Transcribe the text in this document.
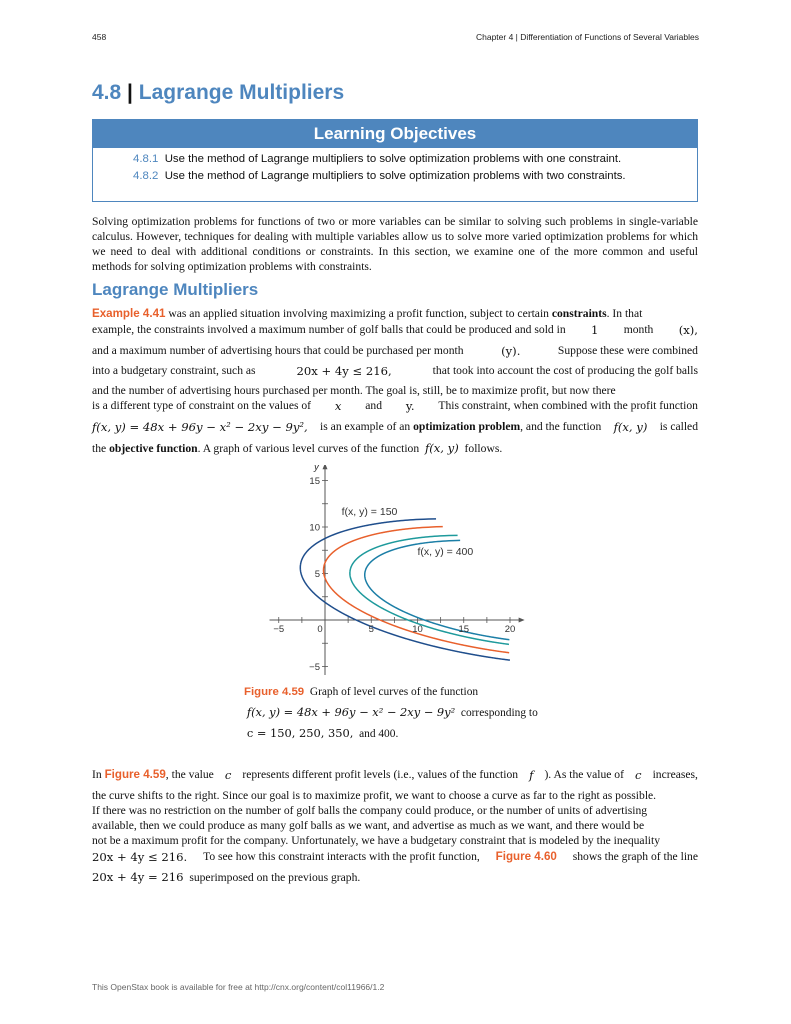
458	Chapter 4 | Differentiation of Functions of Several Variables
4.8 | Lagrange Multipliers
Learning Objectives
4.8.1 Use the method of Lagrange multipliers to solve optimization problems with one constraint.
4.8.2 Use the method of Lagrange multipliers to solve optimization problems with two constraints.
Solving optimization problems for functions of two or more variables can be similar to solving such problems in single-variable calculus. However, techniques for dealing with multiple variables allow us to solve more varied optimization problems for which we need to deal with additional conditions or constraints. In this section, we examine one of the more common and useful methods for solving optimization problems with constraints.
Lagrange Multipliers
Example 4.41 was an applied situation involving maximizing a profit function, subject to certain constraints. In that
example, the constraints involved a maximum number of golf balls that could be produced and sold in 1 month (x),
and a maximum number of advertising hours that could be purchased per month	(y).	Suppose these were combined
into a budgetary constraint, such as	20x + 4y ≤ 216,	that took into account the cost of producing the golf balls
and the number of advertising hours purchased per month. The goal is, still, be to maximize profit, but now there
is a different type of constraint on the values of x and y. This constraint, when combined with the profit function
f(x, y) = 48x + 96y − x² − 2xy − 9y², is an example of an optimization problem, and the function f(x, y) is called
the objective function. A graph of various level curves of the function f(x, y) follows.
−5	0	5	10	15	20
−5
5
10
15
y
f(x, y) = 150
f(x, y) = 400
Figure 4.59 Graph of level curves of the function
f(x, y) = 48x + 96y − x² − 2xy − 9y² corresponding to
c = 150, 250, 350, and 400.
In Figure 4.59, the value c represents different profit levels (i.e., values of the function f ). As the value of c increases,
the curve shifts to the right. Since our goal is to maximize profit, we want to choose a curve as far to the right as possible.
If there was no restriction on the number of golf balls the company could produce, or the number of units of advertising
available, then we could produce as many golf balls as we want, and advertise as much as we want, and there would be
not be a maximum profit for the company. Unfortunately, we have a budgetary constraint that is modeled by the inequality
20x + 4y ≤ 216. To see how this constraint interacts with the profit function, Figure 4.60 shows the graph of the line
20x + 4y = 216 superimposed on the previous graph.
This OpenStax book is available for free at http://cnx.org/content/col11966/1.2
